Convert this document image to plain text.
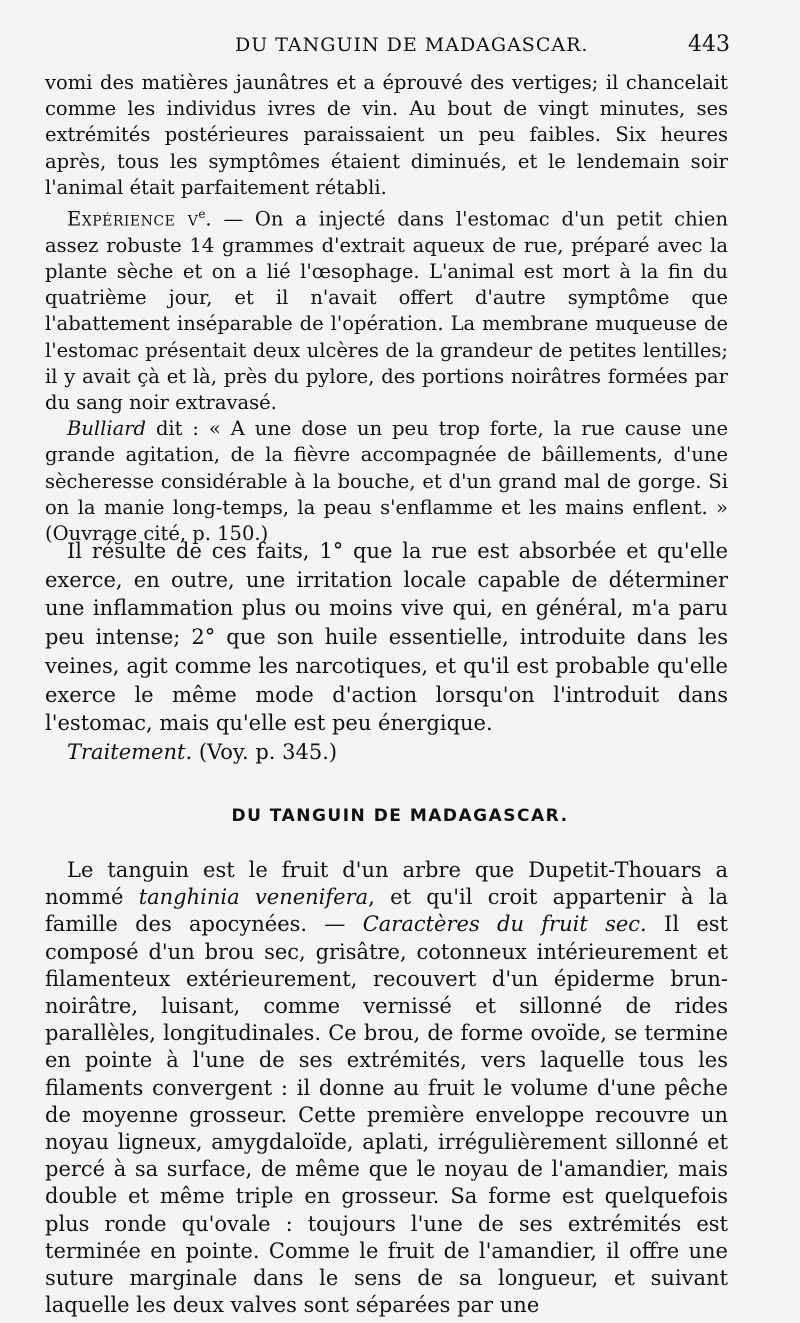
DU TANGUIN DE MADAGASCAR.	443

vomi des matières jaunâtres et a éprouvé des vertiges; il chancelait comme les individus ivres de vin. Au bout de vingt minutes, ses extrémités postérieures paraissaient un peu faibles. Six heures après, tous les symptômes étaient diminués, et le lendemain soir l'animal était parfaitement rétabli.

Expérience $v^e$. — On a injecté dans l'estomac d'un petit chien assez robuste 14 grammes d'extrait aqueux de rue, préparé avec la plante sèche et on a lié l'œsophage. L'animal est mort à la fin du quatrième jour, et il n'avait offert d'autre symptôme que l'abattement inséparable de l'opération. La membrane muqueuse de l'estomac présentait deux ulcères de la grandeur de petites lentilles; il y avait çà et là, près du pylore, des portions noirâtres formées par du sang noir extravasé.

Bulliard dit : « A une dose un peu trop forte, la rue cause une grande agitation, de la fièvre accompagnée de bâillements, d'une sècheresse considérable à la bouche, et d'un grand mal de gorge. Si on la manie long-temps, la peau s'enflamme et les mains enflent. » (Ouvrage cité, p. 150.)

Il résulte de ces faits, 1° que la rue est absorbée et qu'elle exerce, en outre, une irritation locale capable de déterminer une inflammation plus ou moins vive qui, en général, m'a paru peu intense; 2° que son huile essentielle, introduite dans les veines, agit comme les narcotiques, et qu'il est probable qu'elle exerce le même mode d'action lorsqu'on l'introduit dans l'estomac, mais qu'elle est peu énergique.

Traitement. (Voy. p. 345.)

DU TANGUIN DE MADAGASCAR.

Le tanguin est le fruit d'un arbre que Dupetit-Thouars a nommé tanghinia venenifera, et qu'il croit appartenir à la famille des apocynées. — Caractères du fruit sec. Il est composé d'un brou sec, grisâtre, cotonneux intérieurement et filamenteux extérieurement, recouvert d'un épiderme brun-noirâtre, luisant, comme vernissé et sillonné de rides parallèles, longitudinales. Ce brou, de forme ovoïde, se termine en pointe à l'une de ses extrémités, vers laquelle tous les filaments convergent : il donne au fruit le volume d'une pêche de moyenne grosseur. Cette première enveloppe recouvre un noyau ligneux, amygdaloïde, aplati, irrégulièrement sillonné et percé à sa surface, de même que le noyau de l'amandier, mais double et même triple en grosseur. Sa forme est quelquefois plus ronde qu'ovale : toujours l'une de ses extrémités est terminée en pointe. Comme le fruit de l'amandier, il offre une suture marginale dans le sens de sa longueur, et suivant laquelle les deux valves sont séparées par une
